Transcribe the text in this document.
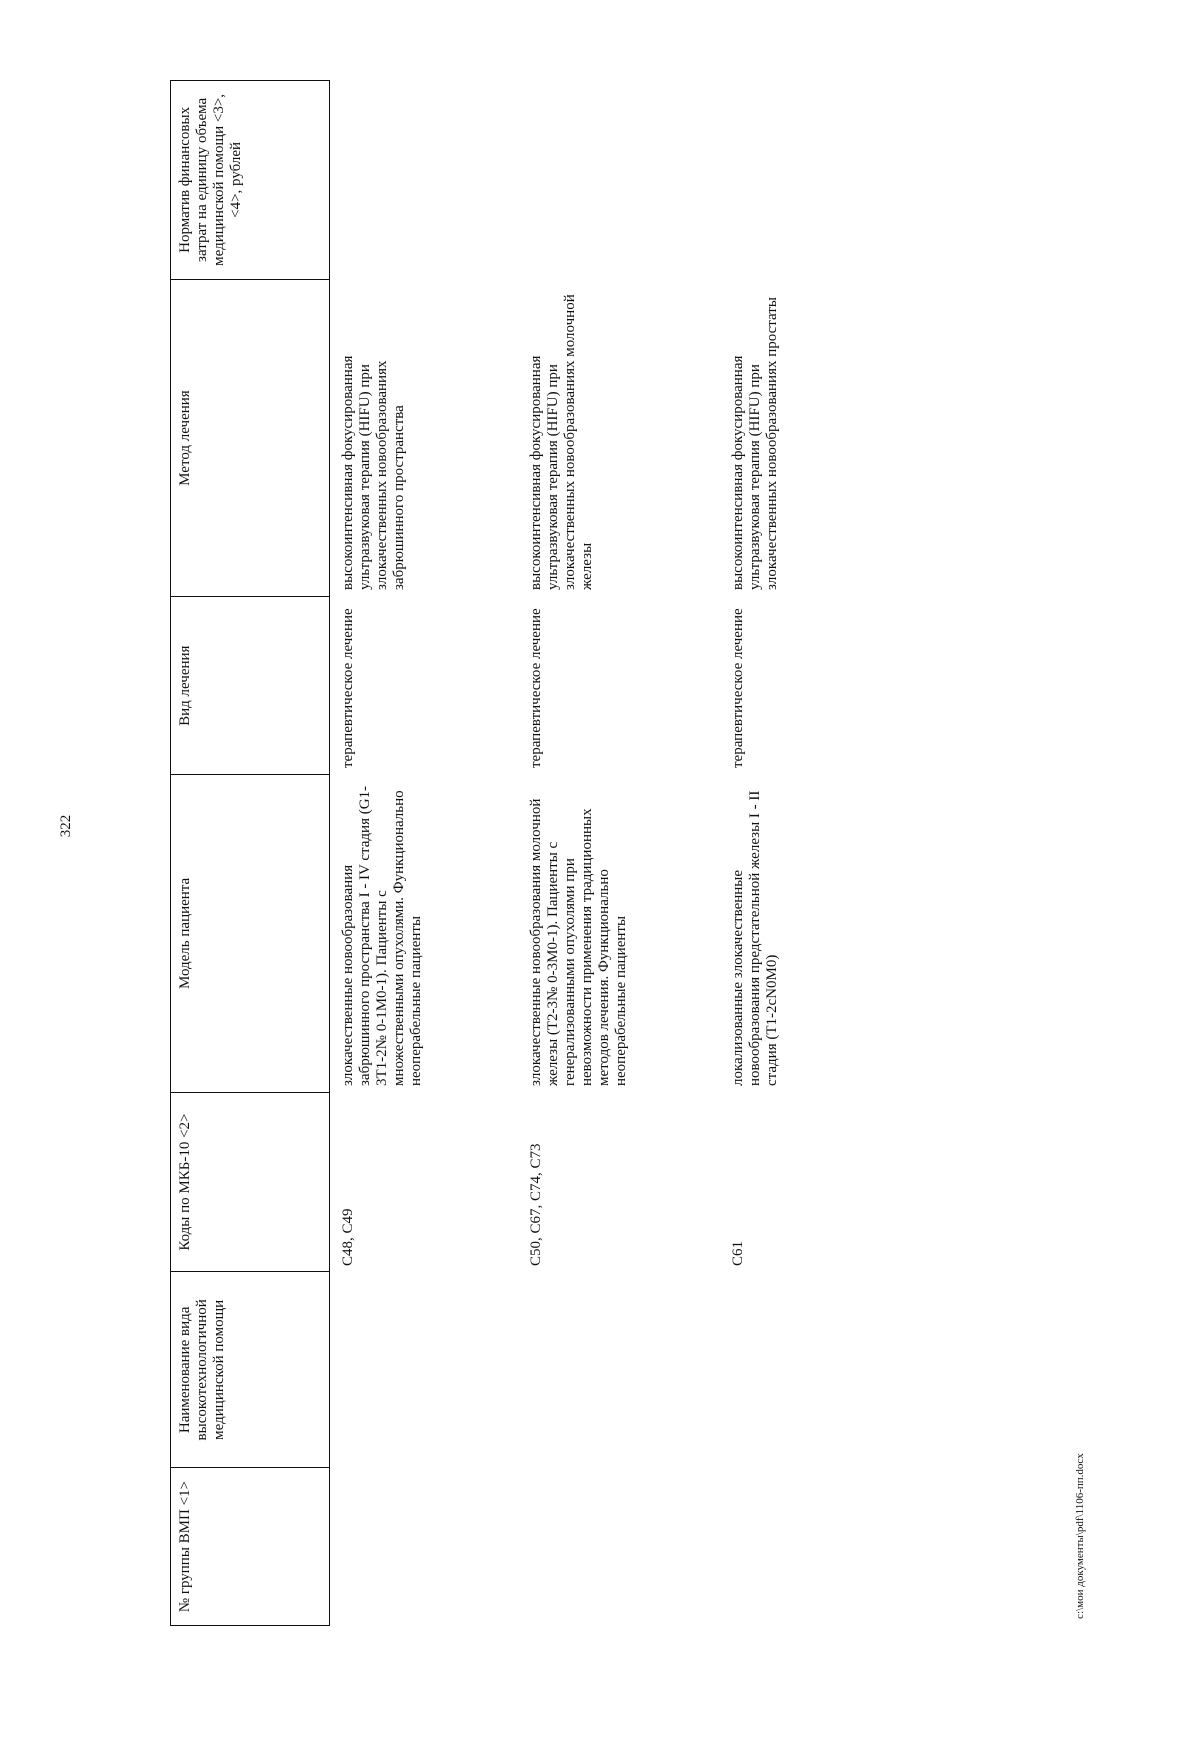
322
№ группы ВМП <1>
Наименование вида высокотехнологичной медицинской помощи
Коды по МКБ-10 <2>
Модель пациента
Вид лечения
Метод лечения
Норматив финансовых затрат на единицу объема медицинской помощи <3>, <4>, рублей
С48, С49
злокачественные новообразования забрюшинного пространства I - IV стадия (G1-3T1-2№ 0-1M0-1). Пациенты с множественными опухолями. Функционально неоперабельные пациенты
терапевтическое лечение
высокоинтенсивная фокусированная ультразвуковая терапия (HIFU) при злокачественных новообразованиях забрюшинного пространства
С50, С67, С74, С73
злокачественные новообразования молочной железы (T2-3№ 0-3M0-1). Пациенты с генерализованными опухолями при невозможности применения традиционных методов лечения. Функционально неоперабельные пациенты
терапевтическое лечение
высокоинтенсивная фокусированная ультразвуковая терапия (HIFU) при злокачественных новообразованиях молочной железы
С61
локализованные злокачественные новообразования предстательной железы I - II стадия (T1-2cN0M0)
терапевтическое лечение
высокоинтенсивная фокусированная ультразвуковая терапия (HIFU) при злокачественных новообразованиях простаты
c:\мои документы\pdf\1106-пп.docx
